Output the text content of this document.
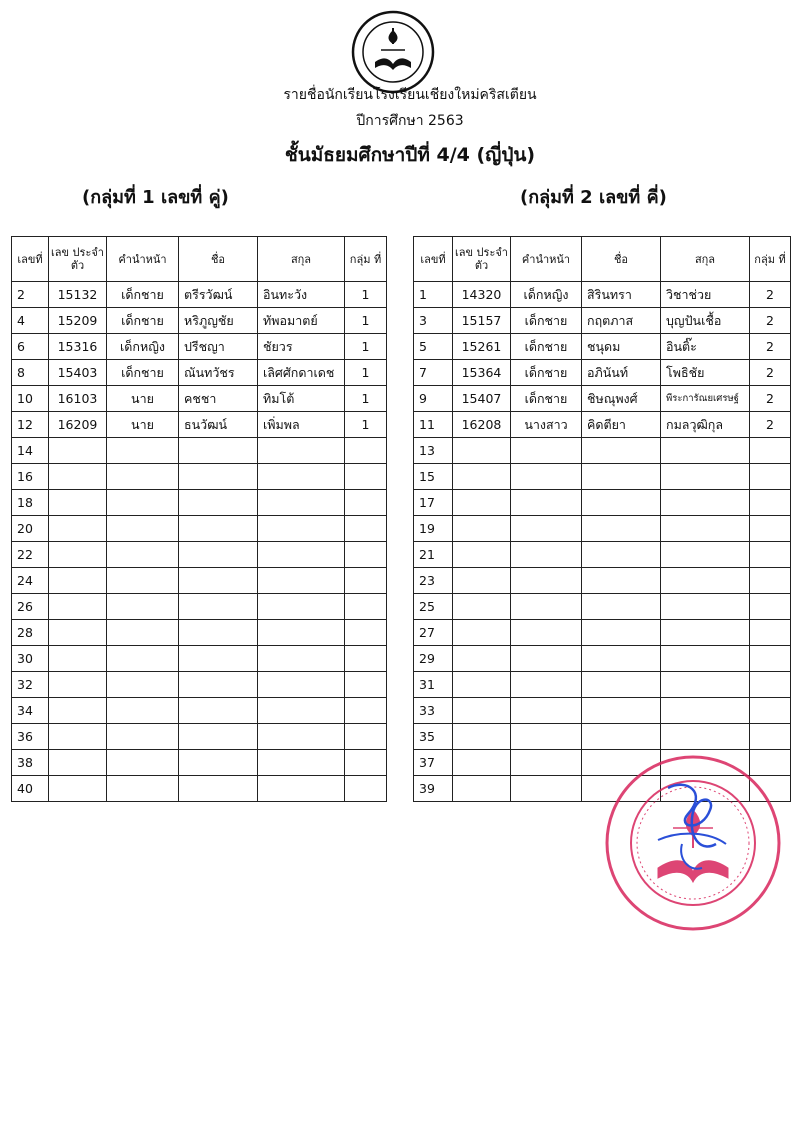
รายชื่อนักเรียนโรงเรียนเชียงใหม่คริสเตียน
ปีการศึกษา 2563
ชั้นมัธยมศึกษาปีที่ 4/4 (ญี่ปุ่น)
(กลุ่มที่ 1 เลขที่ คู่)	(กลุ่มที่ 2 เลขที่ คี่)
เลขที่	เลข ประจำตัว	คำนำหน้า	ชื่อ	สกุล	กลุ่ม ที่
2	15132	เด็กชาย	ตรีรวัฒน์	อินทะวัง	1
4	15209	เด็กชาย	หริภูญชัย	ทัพอมาตย์	1
6	15316	เด็กหญิง	ปรีชญา	ชัยวร	1
8	15403	เด็กชาย	ณันทวัชร	เลิศศักดาเดช	1
10	16103	นาย	คชชา	ทิมโต้	1
12	16209	นาย	ธนวัฒน์	เพิ่มพล	1
14					
16					
18					
20					
22					
24					
26					
28					
30					
32					
34					
36					
38					
40					
เลขที่	เลข ประจำตัว	คำนำหน้า	ชื่อ	สกุล	กลุ่ม ที่
1	14320	เด็กหญิง	สิรินทรา	วิชาช่วย	2
3	15157	เด็กชาย	กฤตภาส	บุญปันเชื้อ	2
5	15261	เด็กชาย	ชนุดม	อินติ๊ะ	2
7	15364	เด็กชาย	อภินันท์	โพธิชัย	2
9	15407	เด็กชาย	ชิษณุพงศ์	พีระการัณยเศรษฐ์	2
11	16208	นางสาว	คิดตียา	กมลวุฒิกุล	2
13					
15					
17					
19					
21					
23					
25					
27					
29					
31					
33					
35					
37					
39					
